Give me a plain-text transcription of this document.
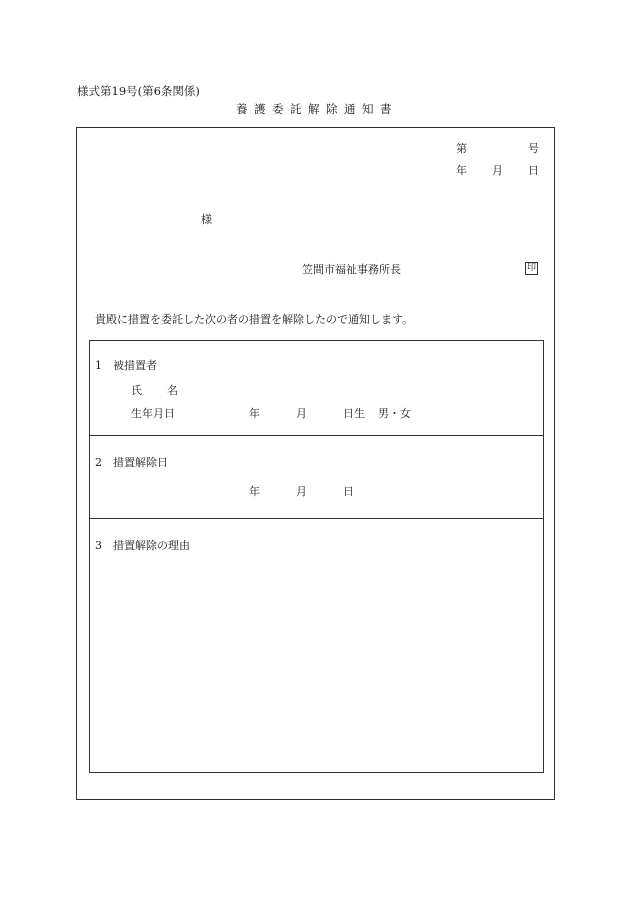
様式第19号(第6条関係)
養護委託解除通知書
第	号
年 月 日
様
笠間市福祉事務所長	印
貴殿に措置を委託した次の者の措置を解除したので通知します。
1　被措置者
氏 名
生年月日	年	月	日生 男・女
2　措置解除日
年	月	日
3　措置解除の理由
